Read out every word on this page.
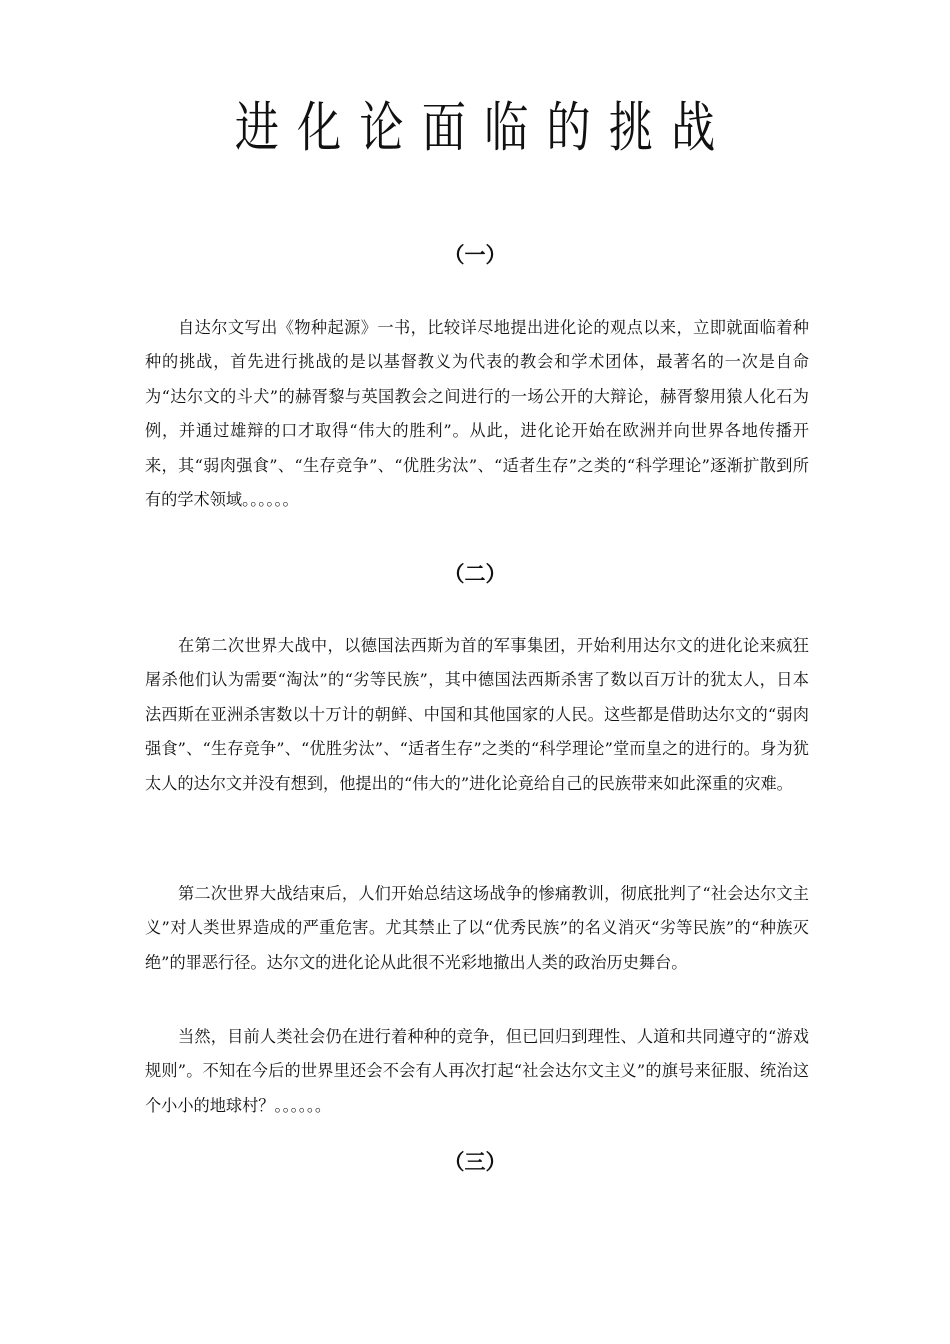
进化论面临的挑战
（一）

自达尔文写出《物种起源》一书，比较详尽地提出进化论的观点以来，立即就面临着种种的挑战，首先进行挑战的是以基督教义为代表的教会和学术团体，最著名的一次是自命为“达尔文的斗犬”的赫胥黎与英国教会之间进行的一场公开的大辩论，赫胥黎用猿人化石为例，并通过雄辩的口才取得“伟大的胜利”。从此，进化论开始在欧洲并向世界各地传播开来，其“弱肉强食”、“生存竞争”、“优胜劣汰”、“适者生存”之类的“科学理论”逐渐扩散到所有的学术领域。。。。。。

（二）

在第二次世界大战中，以德国法西斯为首的军事集团，开始利用达尔文的进化论来疯狂屠杀他们认为需要“淘汰”的“劣等民族”，其中德国法西斯杀害了数以百万计的犹太人，日本法西斯在亚洲杀害数以十万计的朝鲜、中国和其他国家的人民。这些都是借助达尔文的“弱肉强食”、“生存竞争”、“优胜劣汰”、“适者生存”之类的“科学理论”堂而皇之的进行的。身为犹太人的达尔文并没有想到，他提出的“伟大的”进化论竟给自己的民族带来如此深重的灾难。

第二次世界大战结束后，人们开始总结这场战争的惨痛教训，彻底批判了“社会达尔文主义”对人类世界造成的严重危害。尤其禁止了以“优秀民族”的名义消灭“劣等民族”的“种族灭绝”的罪恶行径。达尔文的进化论从此很不光彩地撤出人类的政治历史舞台。

当然，目前人类社会仍在进行着种种的竞争，但已回归到理性、人道和共同遵守的“游戏规则”。不知在今后的世界里还会不会有人再次打起“社会达尔文主义”的旗号来征服、统治这个小小的地球村？。。。。。。

（三）
